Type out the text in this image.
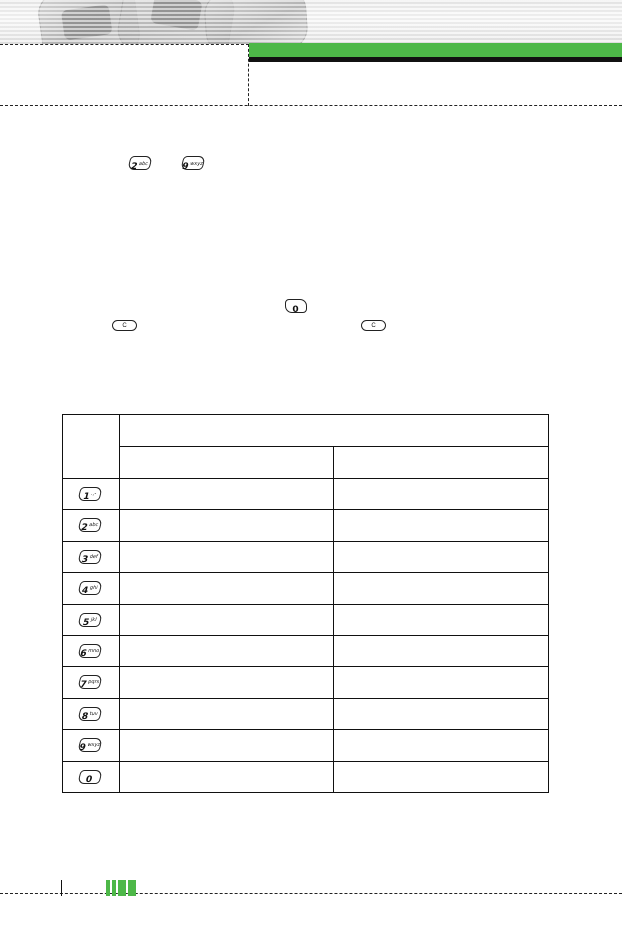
$2^{abc}$	$9^{wxyz}$
0
C	C
1.,-
$2^{abc}$
$3^{def}$
$4^{ghi}$
$5^{jkl}$
$6^{mno}$
$7^{pqrs}$
$8^{tuv}$
$9^{wxyz}$
0
